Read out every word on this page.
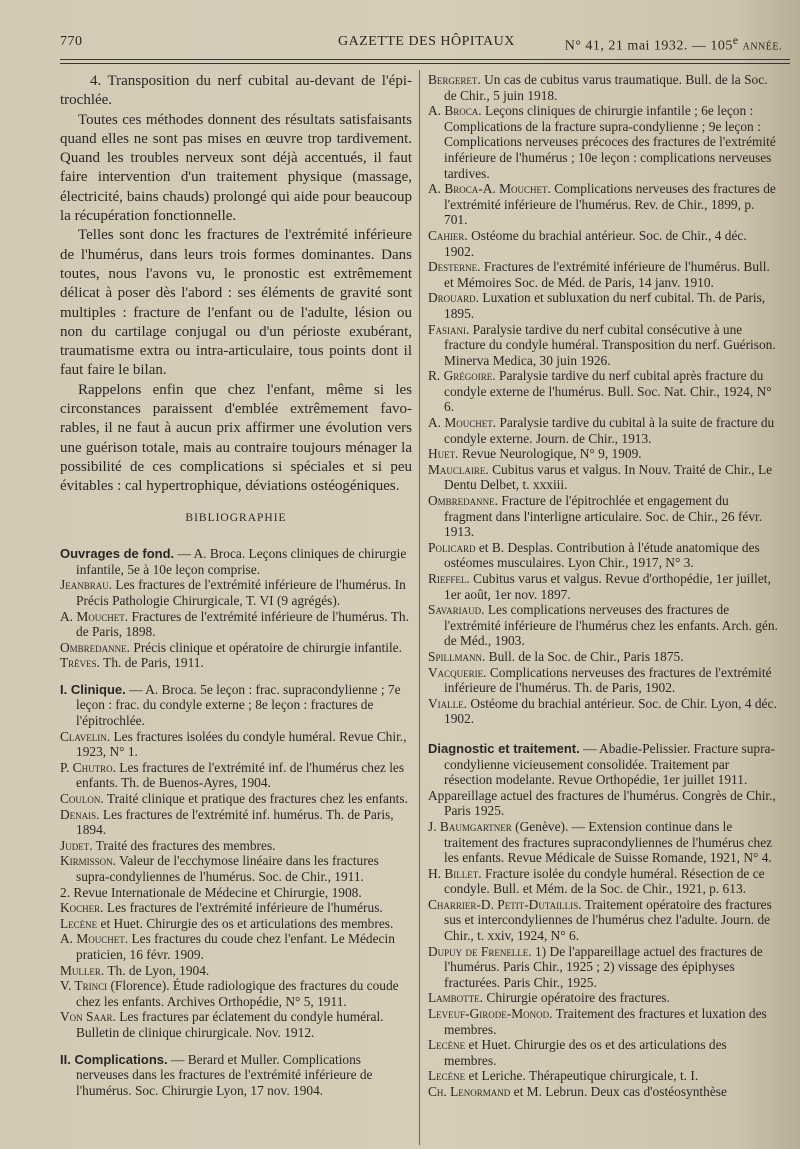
770	GAZETTE DES HÔPITAUX	N° 41, 21 mai 1932. — 105e ANNÉE.

4. Transposition du nerf cubital au-devant de l'épitrochlée.

Toutes ces méthodes donnent des résultats satisfaisants quand elles ne sont pas mises en œuvre trop tardivement. Quand les troubles nerveux sont déjà accentués, il faut faire intervention d'un traitement physique (massage, électricité, bains chauds) prolongé qui aide pour beaucoup la récupération fonctionnelle.

Telles sont donc les fractures de l'extrémité inférieure de l'humérus, dans leurs trois formes dominantes. Dans toutes, nous l'avons vu, le pronostic est extrêmement délicat à poser dès l'abord : ses éléments de gravité sont multiples : fracture de l'enfant ou de l'adulte, lésion ou non du cartilage conjugal ou d'un périoste exubérant, traumatisme extra ou intra-articulaire, tous points dont il faut faire le bilan.

Rappelons enfin que chez l'enfant, même si les circonstances paraissent d'emblée extrêmement favorables, il ne faut à aucun prix affirmer une évolution vers une guérison totale, mais au contraire toujours ménager la possibilité de ces complications si spéciales et si peu évitables : cal hypertrophique, déviations ostéogéniques.

BIBLIOGRAPHIE

Ouvrages de fond. — A. Broca. Leçons cliniques de chirurgie infantile, 5e à 10e leçon comprise.

Jeanbrau. Les fractures de l'extrémité inférieure de l'humérus. In Précis Pathologie Chirurgicale, T. VI (9 agrégés).

A. Mouchet. Fractures de l'extrémité inférieure de l'humérus. Th. de Paris, 1898.

Ombredanne. Précis clinique et opératoire de chirurgie infantile.

Trèves. Th. de Paris, 1911.

I. Clinique. — A. Broca. 5e leçon : frac. supracondylienne ; 7e leçon : frac. du condyle externe ; 8e leçon : fractures de l'épitrochlée.

Clavelin. Les fractures isolées du condyle huméral. Revue Chir., 1923, N° 1.

P. Chutro. Les fractures de l'extrémité inf. de l'humérus chez les enfants. Th. de Buenos-Ayres, 1904.

Coulon. Traité clinique et pratique des fractures chez les enfants.

Denais. Les fractures de l'extrémité inf. humérus. Th. de Paris, 1894.

Judet. Traité des fractures des membres.

Kirmisson. Valeur de l'ecchymose linéaire dans les fractures supra-condyliennes de l'humérus. Soc. de Chir., 1911.

2. Revue Internationale de Médecine et Chirurgie, 1908.

Kocher. Les fractures de l'extrémité inférieure de l'humérus.

Lecène et Huet. Chirurgie des os et articulations des membres.

A. Mouchet. Les fractures du coude chez l'enfant. Le Médecin praticien, 16 févr. 1909.

Muller. Th. de Lyon, 1904.

V. Trinci (Florence). Étude radiologique des fractures du coude chez les enfants. Archives Orthopédie, N° 5, 1911.

Von Saar. Les fractures par éclatement du condyle huméral. Bulletin de clinique chirurgicale. Nov. 1912.

II. Complications. — Berard et Muller. Complications nerveuses dans les fractures de l'extrémité inférieure de l'humérus. Soc. Chirurgie Lyon, 17 nov. 1904.

Bergeret. Un cas de cubitus varus traumatique. Bull. de la Soc. de Chir., 5 juin 1918.

A. Broca. Leçons cliniques de chirurgie infantile ; 6e leçon : Complications de la fracture supra-condylienne ; 9e leçon : Complications nerveuses précoces des fractures de l'extrémité inférieure de l'humérus ; 10e leçon : complications nerveuses tardives.

A. Broca-A. Mouchet. Complications nerveuses des fractures de l'extrémité inférieure de l'humérus. Rev. de Chir., 1899, p. 701.

Cahier. Ostéome du brachial antérieur. Soc. de Chir., 4 déc. 1902.

Desterne. Fractures de l'extrémité inférieure de l'humérus. Bull. et Mémoires Soc. de Méd. de Paris, 14 janv. 1910.

Drouard. Luxation et subluxation du nerf cubital. Th. de Paris, 1895.

Fasiani. Paralysie tardive du nerf cubital consécutive à une fracture du condyle huméral. Transposition du nerf. Guérison. Minerva Medica, 30 juin 1926.

R. Grégoire. Paralysie tardive du nerf cubital après fracture du condyle externe de l'humérus. Bull. Soc. Nat. Chir., 1924, N° 6.

A. Mouchet. Paralysie tardive du cubital à la suite de fracture du condyle externe. Journ. de Chir., 1913.

Huet. Revue Neurologique, N° 9, 1909.

Mauclaire. Cubitus varus et valgus. In Nouv. Traité de Chir., Le Dentu Delbet, t. xxxiii.

Ombredanne. Fracture de l'épitrochlée et engagement du fragment dans l'interligne articulaire. Soc. de Chir., 26 févr. 1913.

Policard et B. Desplas. Contribution à l'étude anatomique des ostéomes musculaires. Lyon Chir., 1917, N° 3.

Rieffel. Cubitus varus et valgus. Revue d'orthopédie, 1er juillet, 1er août, 1er nov. 1897.

Savariaud. Les complications nerveuses des fractures de l'extrémité inférieure de l'humérus chez les enfants. Arch. gén. de Méd., 1903.

Spillmann. Bull. de la Soc. de Chir., Paris 1875.

Vacquerie. Complications nerveuses des fractures de l'extrémité inférieure de l'humérus. Th. de Paris, 1902.

Vialle. Ostéome du brachial antérieur. Soc. de Chir. Lyon, 4 déc. 1902.

Diagnostic et traitement. — Abadie-Pelissier. Fracture supra-condylienne vicieusement consolidée. Traitement par résection modelante. Revue Orthopédie, 1er juillet 1911.

Appareillage actuel des fractures de l'humérus. Congrès de Chir., Paris 1925.

J. Baumgartner (Genève). — Extension continue dans le traitement des fractures supracondyliennes de l'humérus chez les enfants. Revue Médicale de Suisse Romande, 1921, N° 4.

H. Billet. Fracture isolée du condyle huméral. Résection de ce condyle. Bull. et Mém. de la Soc. de Chir., 1921, p. 613.

Charrier-D. Petit-Dutaillis. Traitement opératoire des fractures sus et intercondyliennes de l'humérus chez l'adulte. Journ. de Chir., t. xxiv, 1924, N° 6.

Dupuy de Frenelle. 1) De l'appareillage actuel des fractures de l'humérus. Paris Chir., 1925 ; 2) vissage des épiphyses fracturées. Paris Chir., 1925.

Lambotte. Chirurgie opératoire des fractures.

Leveuf-Girode-Monod. Traitement des fractures et luxation des membres.

Lecène et Huet. Chirurgie des os et des articulations des membres.

Lecène et Leriche. Thérapeutique chirurgicale, t. I.

Ch. Lenormand et M. Lebrun. Deux cas d'ostéosynthèse
